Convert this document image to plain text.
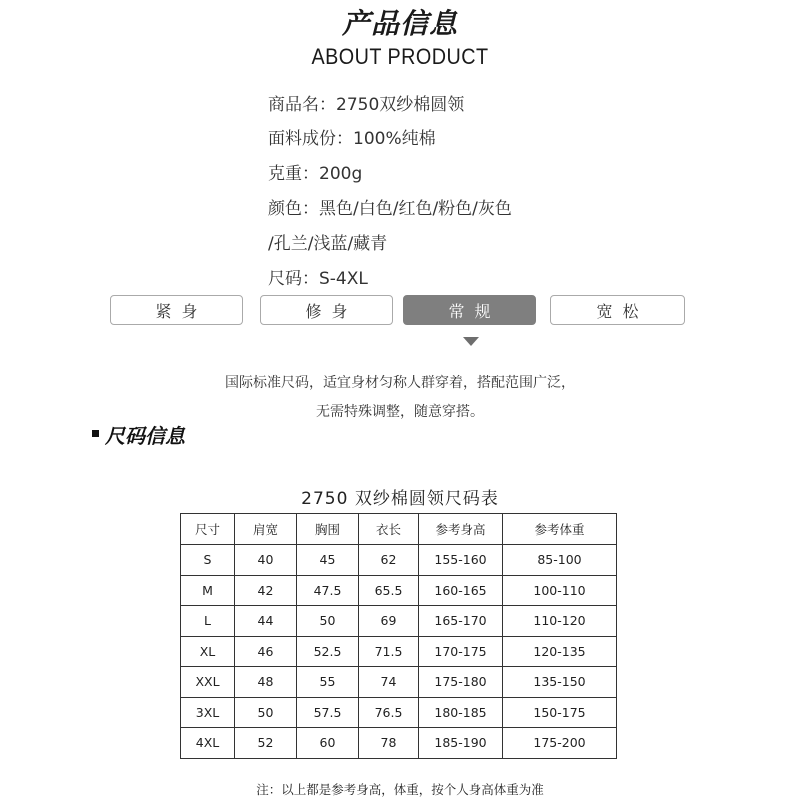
产品信息
ABOUT PRODUCT
商品名：2750双纱棉圆领
面料成份：100%纯棉
克重：200g
颜色：黑色/白色/红色/粉色/灰色
/孔兰/浅蓝/藏青
尺码：S-4XL
紧身	修身	常规	宽松
国际标准尺码，适宜身材匀称人群穿着，搭配范围广泛，
无需特殊调整，随意穿搭。
尺码信息
2750 双纱棉圆领尺码表
尺寸	肩宽	胸围	衣长	参考身高	参考体重
S	40	45	62	155-160	85-100
M	42	47.5	65.5	160-165	100-110
L	44	50	69	165-170	110-120
XL	46	52.5	71.5	170-175	120-135
XXL	48	55	74	175-180	135-150
3XL	50	57.5	76.5	180-185	150-175
4XL	52	60	78	185-190	175-200
注：以上都是参考身高，体重，按个人身高体重为准
